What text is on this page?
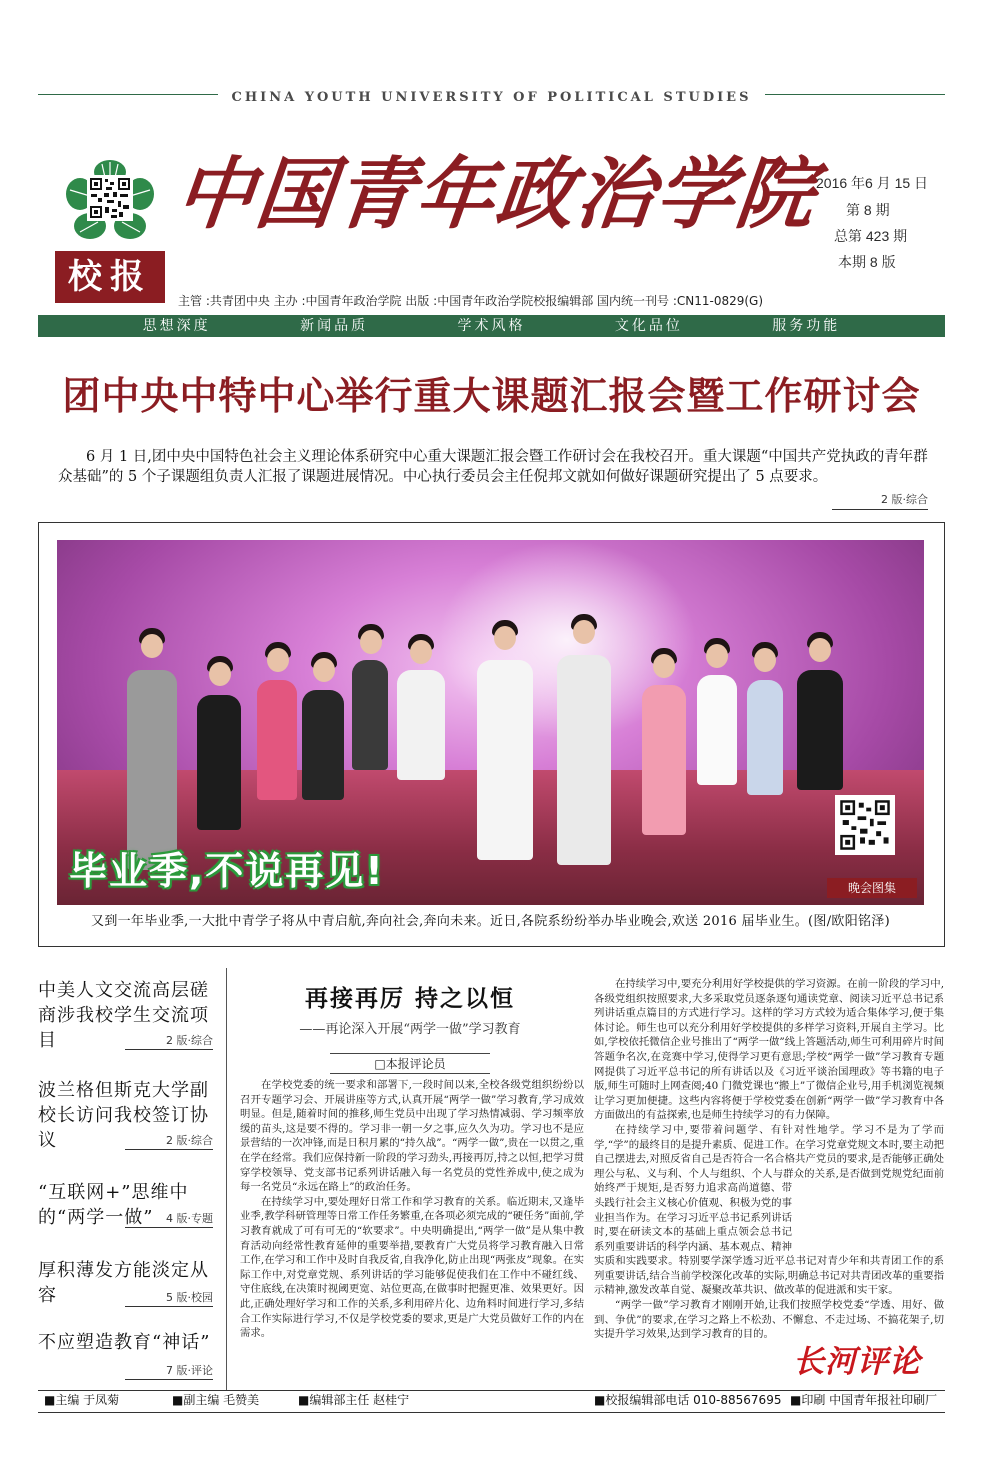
CHINA YOUTH UNIVERSITY OF POLITICAL STUDIES
校报
中国青年政治学院
2016 年6 月 15 日
第 8 期
总第 423 期
本期 8 版
主管 :共青团中央 主办 :中国青年政治学院 出版 :中国青年政治学院校报编辑部 国内统一刊号 :CN11-0829(G)
思想深度	新闻品质	学术风格	文化品位	服务功能
团中央中特中心举行重大课题汇报会暨工作研讨会
6 月 1 日,团中央中国特色社会主义理论体系研究中心重大课题汇报会暨工作研讨会在我校召开。重大课题“中国共产党执政的青年群众基础”的 5 个子课题组负责人汇报了课题进展情况。中心执行委员会主任倪邦文就如何做好课题研究提出了 5 点要求。
2 版·综合
毕业季,不说再见!	晚会图集
又到一年毕业季,一大批中青学子将从中青启航,奔向社会,奔向未来。近日,各院系纷纷举办毕业晚会,欢送 2016 届毕业生。(图/欧阳铭泽)
中美人文交流高层磋商涉我校学生交流项目	2 版·综合
波兰格但斯克大学副校长访问我校签订协议	2 版·综合
“互联网+”思维中的“两学一做”	4 版·专题
厚积薄发方能淡定从容	5 版·校园
不应塑造教育“神话”
7 版·评论
再接再厉 持之以恒
——再论深入开展“两学一做”学习教育
□本报评论员

在学校党委的统一要求和部署下,一段时间以来,全校各级党组织纷纷以召开专题学习会、开展讲座等方式,认真开展“两学一做”学习教育,学习成效明显。但是,随着时间的推移,师生党员中出现了学习热情减弱、学习频率放缓的苗头,这是要不得的。学习非一朝一夕之事,应久久为功。学习也不是应景营结的一次冲锋,而是日积月累的“持久战”。“两学一做”,贵在一以贯之,重在学在经常。我们应保持新一阶段的学习劲头,再接再厉,持之以恒,把学习贯穿学校领导、党支部书记系列讲话融入每一名党员的党性养成中,使之成为每一名党员“永远在路上”的政治任务。

在持续学习中,要处理好日常工作和学习教育的关系。临近期末,又逢毕业季,教学科研管理等日常工作任务繁重,在各项必须完成的“硬任务”面前,学习教育就成了可有可无的“软要求”。中央明确提出,“两学一做”是从集中教育活动向经常性教育延伸的重要举措,要教育广大党员将学习教育融入日常工作,在学习和工作中及时自我反省,自我净化,防止出现“两张皮”现象。在实际工作中,对党章党规、系列讲话的学习能够促使我们在工作中不碰红线、守住底线,在决策时视阈更宽、站位更高,在做事时把握更准、效果更好。因此,正确处理好学习和工作的关系,多利用碎片化、边角料时间进行学习,多结合工作实际进行学习,不仅是学校党委的要求,更是广大党员做好工作的内在需求。

在持续学习中,要充分利用好学校提供的学习资源。在前一阶段的学习中,各级党组织按照要求,大多采取党员逐条逐句通读党章、阅读习近平总书记系列讲话重点篇目的方式进行学习。这样的学习方式较为适合集体学习,便于集体讨论。师生也可以充分利用好学校提供的多样学习资料,开展自主学习。比如,学校依托微信企业号推出了“两学一做”线上答题活动,师生可利用碎片时间答题争名次,在竞赛中学习,使得学习更有意思;学校“两学一做”学习教育专题网提供了习近平总书记的所有讲话以及《习近平谈治国理政》等书籍的电子版,师生可随时上网查阅;40 门微党课也“搬上”了微信企业号,用手机浏览视频让学习更加便捷。这些内容将便于学校党委在创新“两学一做”学习教育中各方面做出的有益探索,也是师生持续学习的有力保障。

在持续学习中,要带着问题学、有针对性地学。学习不是为了学而学,“学”的最终目的是提升素质、促进工作。在学习党章党规文本时,要主动把自己摆进去,对照反省自己是否符合一名合格共产党员的要求,是否能够正确处理公与私、义与利、个人与组织、个人与群众的关系,是否做到党规党纪面前始终严于规矩,是否努力追求高尚道德、带头践行社会主义核心价值观、积极为党的事业担当作为。在学习习近平总书记系列讲话时,要在研读文本的基础上重点领会总书记系列重要讲话的科学内涵、基本观点、精神实质和实践要求。特别要学深学透习近平总书记对青少年和共青团工作的系列重要讲话,结合当前学校深化改革的实际,明确总书记对共青团改革的重要指示精神,激发改革自觉、凝聚改革共识、做改革的促进派和实干家。

“两学一做”学习教育才刚刚开始,让我们按照学校党委“学透、用好、做到、争优”的要求,在学习之路上不松劲、不懈怠、不走过场、不搞花架子,切实提升学习效果,达到学习教育的目的。

长河评论
■主编 于凤菊	■副主编 毛赞美	■编辑部主任 赵桂宁	■校报编辑部电话 010-88567695 ■印刷 中国青年报社印刷厂
